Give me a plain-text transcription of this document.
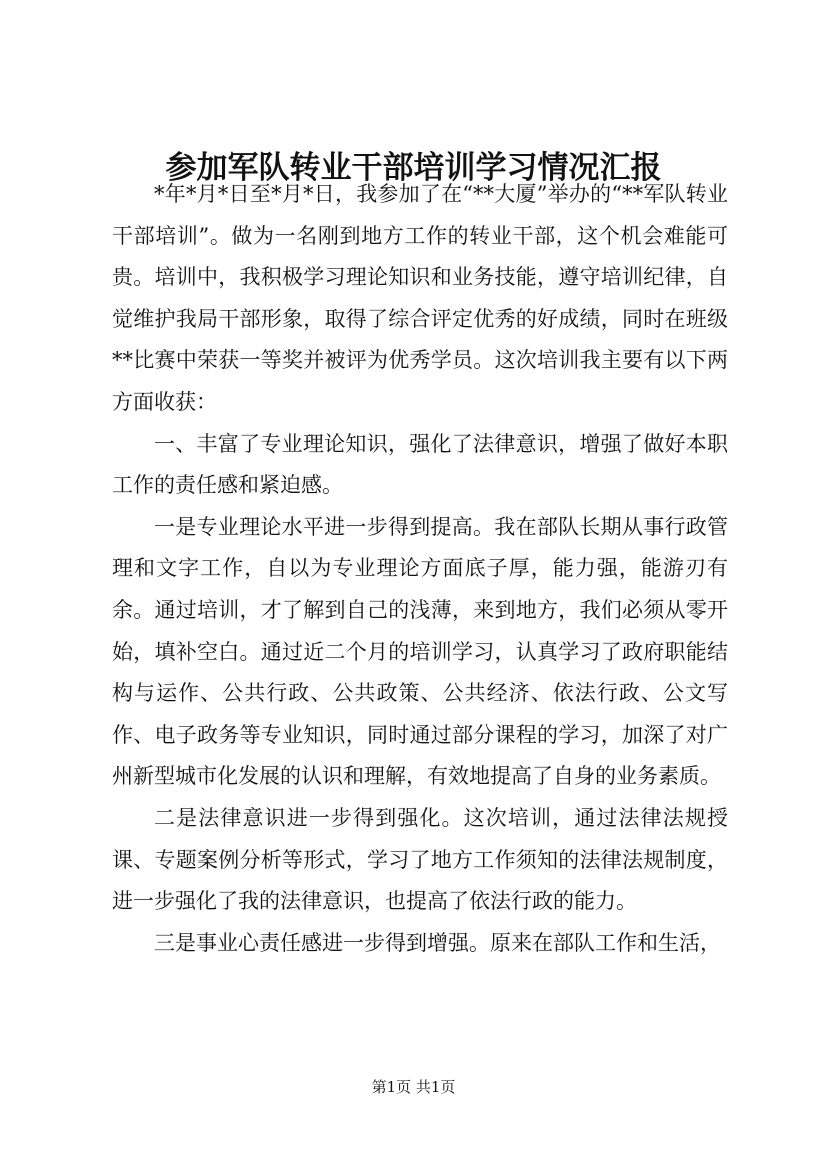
参加军队转业干部培训学习情况汇报

*年*月*日至*月*日，我参加了在“**大厦”举办的“**军队转业干部培训”。做为一名刚到地方工作的转业干部，这个机会难能可贵。培训中，我积极学习理论知识和业务技能，遵守培训纪律，自觉维护我局干部形象，取得了综合评定优秀的好成绩，同时在班级**比赛中荣获一等奖并被评为优秀学员。这次培训我主要有以下两方面收获：

一、丰富了专业理论知识，强化了法律意识，增强了做好本职工作的责任感和紧迫感。

一是专业理论水平进一步得到提高。我在部队长期从事行政管理和文字工作，自以为专业理论方面底子厚，能力强，能游刃有余。通过培训，才了解到自己的浅薄，来到地方，我们必须从零开始，填补空白。通过近二个月的培训学习，认真学习了政府职能结构与运作、公共行政、公共政策、公共经济、依法行政、公文写作、电子政务等专业知识，同时通过部分课程的学习，加深了对广州新型城市化发展的认识和理解，有效地提高了自身的业务素质。

二是法律意识进一步得到强化。这次培训，通过法律法规授课、专题案例分析等形式，学习了地方工作须知的法律法规制度，进一步强化了我的法律意识，也提高了依法行政的能力。

三是事业心责任感进一步得到增强。原来在部队工作和生活，

第1页 共1页
